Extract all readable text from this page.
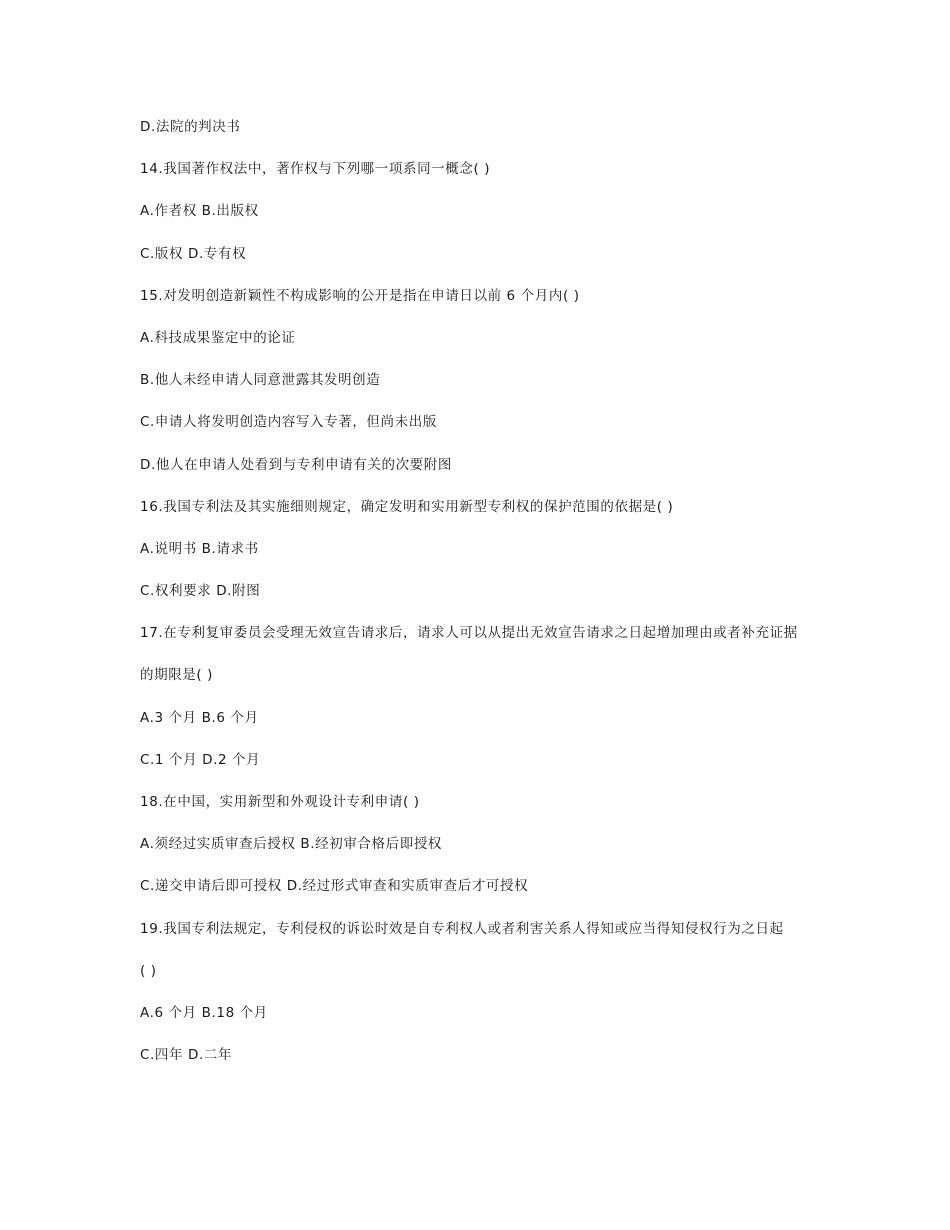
D.法院的判决书

14.我国著作权法中，著作权与下列哪一项系同一概念( )

A.作者权 B.出版权

C.版权 D.专有权

15.对发明创造新颖性不构成影响的公开是指在申请日以前 6 个月内( )

A.科技成果鉴定中的论证

B.他人未经申请人同意泄露其发明创造

C.申请人将发明创造内容写入专著，但尚未出版

D.他人在申请人处看到与专利申请有关的次要附图

16.我国专利法及其实施细则规定，确定发明和实用新型专利权的保护范围的依据是( )

A.说明书 B.请求书

C.权利要求 D.附图

17.在专利复审委员会受理无效宣告请求后，请求人可以从提出无效宣告请求之日起增加理由或者补充证据

的期限是( )

A.3 个月 B.6 个月

C.1 个月 D.2 个月

18.在中国，实用新型和外观设计专利申请( )

A.须经过实质审查后授权 B.经初审合格后即授权

C.递交申请后即可授权 D.经过形式审查和实质审查后才可授权

19.我国专利法规定，专利侵权的诉讼时效是自专利权人或者利害关系人得知或应当得知侵权行为之日起

( )

A.6 个月 B.18 个月

C.四年 D.二年
